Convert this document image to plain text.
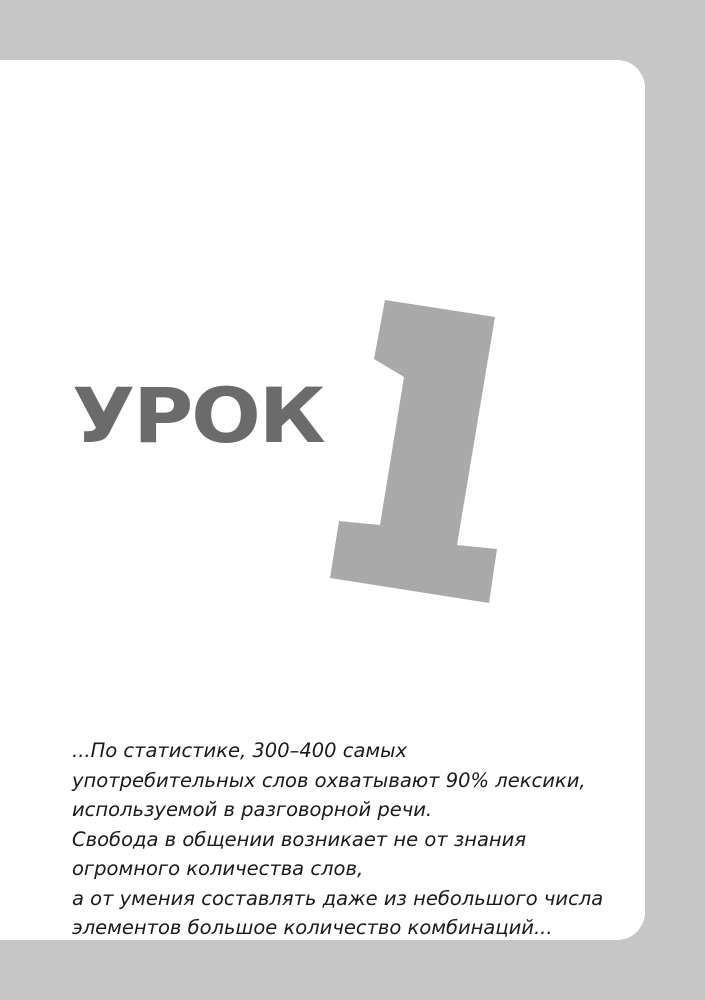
УРОК

...По статистике, 300–400 самых
употребительных слов охватывают 90% лексики,
используемой в разговорной речи.
Свобода в общении возникает не от знания
огромного количества слов,
а от умения составлять даже из небольшого числа
элементов большое количество комбинаций...
